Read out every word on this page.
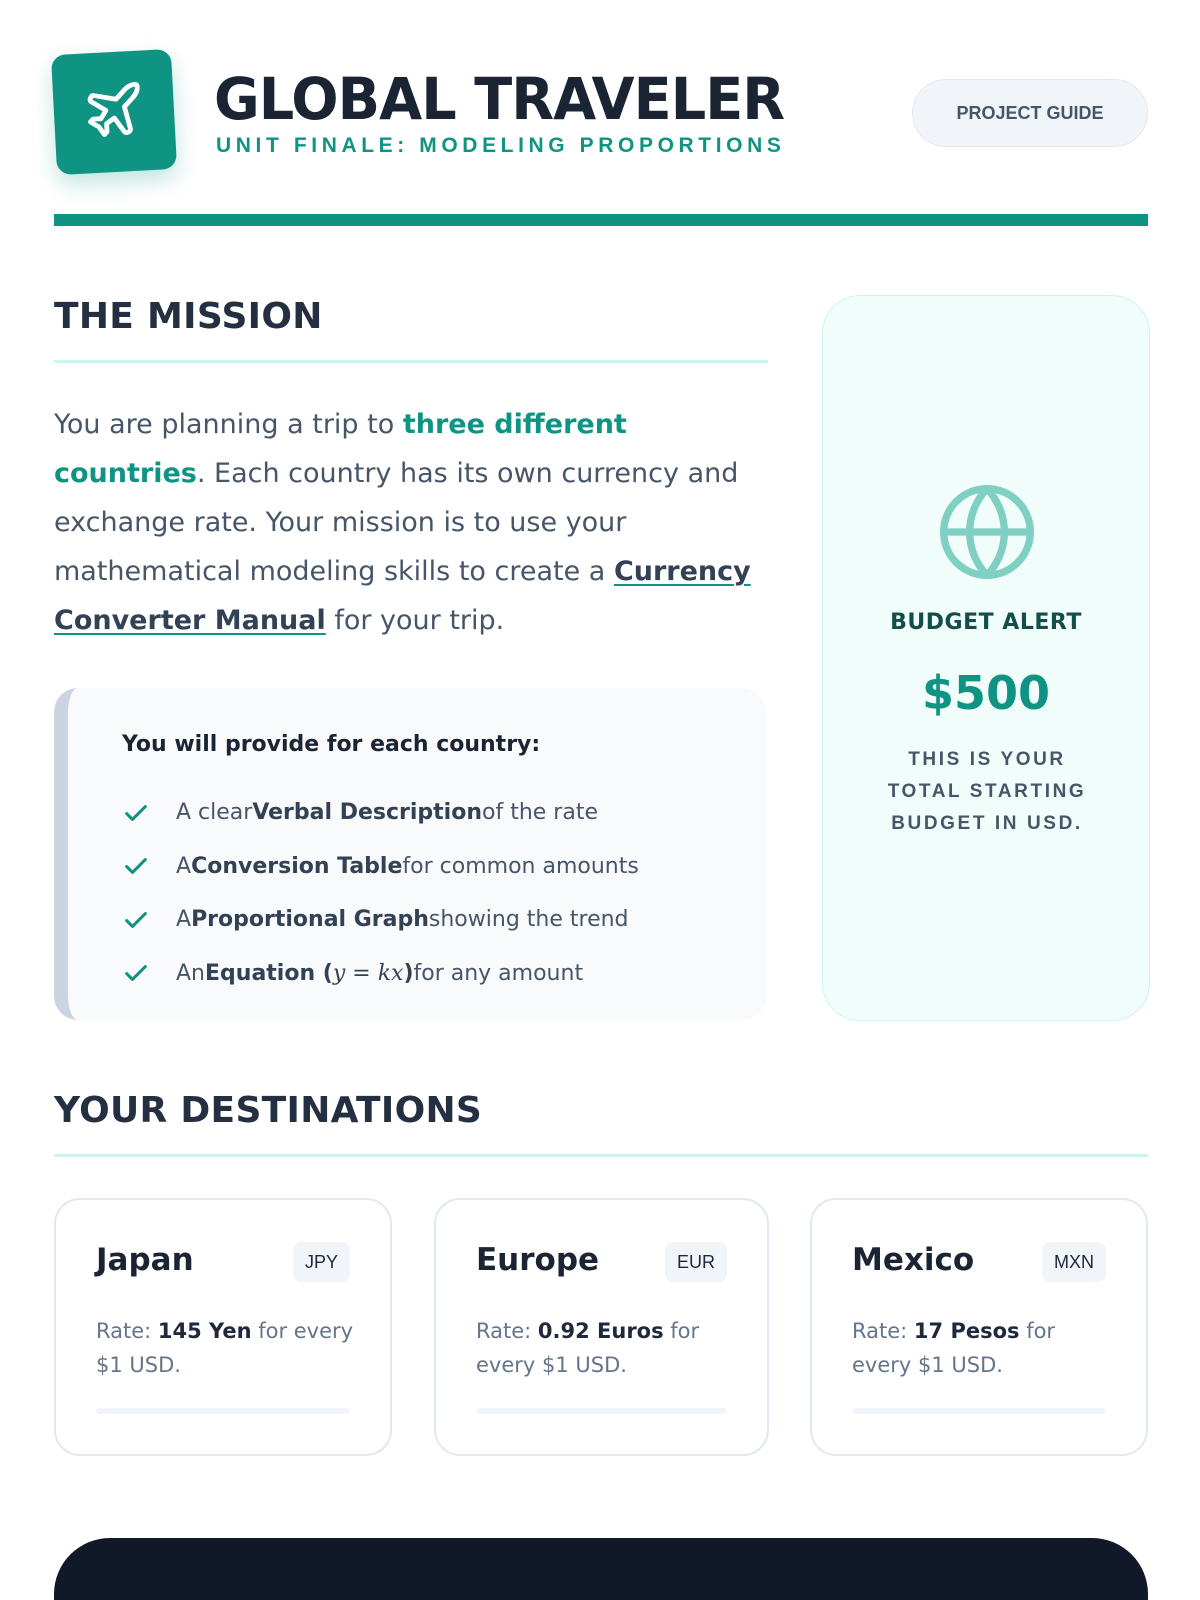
GLOBAL TRAVELER
UNIT FINALE: MODELING PROPORTIONS
PROJECT GUIDE
THE MISSION

You are planning a trip to three different countries. Each country has its own currency and exchange rate. Your mission is to use your mathematical modeling skills to create a Currency Converter Manual for your trip.

You will provide for each country:
A clearVerbal Descriptionof the rate
AConversion Tablefor common amounts
AProportional Graphshowing the trend
AnEquation (y = kx)for any amount
BUDGET ALERT
$500
THIS IS YOUR TOTAL STARTING BUDGET IN USD.
YOUR DESTINATIONS
Japan	JPY
Rate: 145 Yen for every
$1 USD.
Europe	EUR
Rate: 0.92 Euros for
every $1 USD.
Mexico	MXN
Rate: 17 Pesos for
every $1 USD.
